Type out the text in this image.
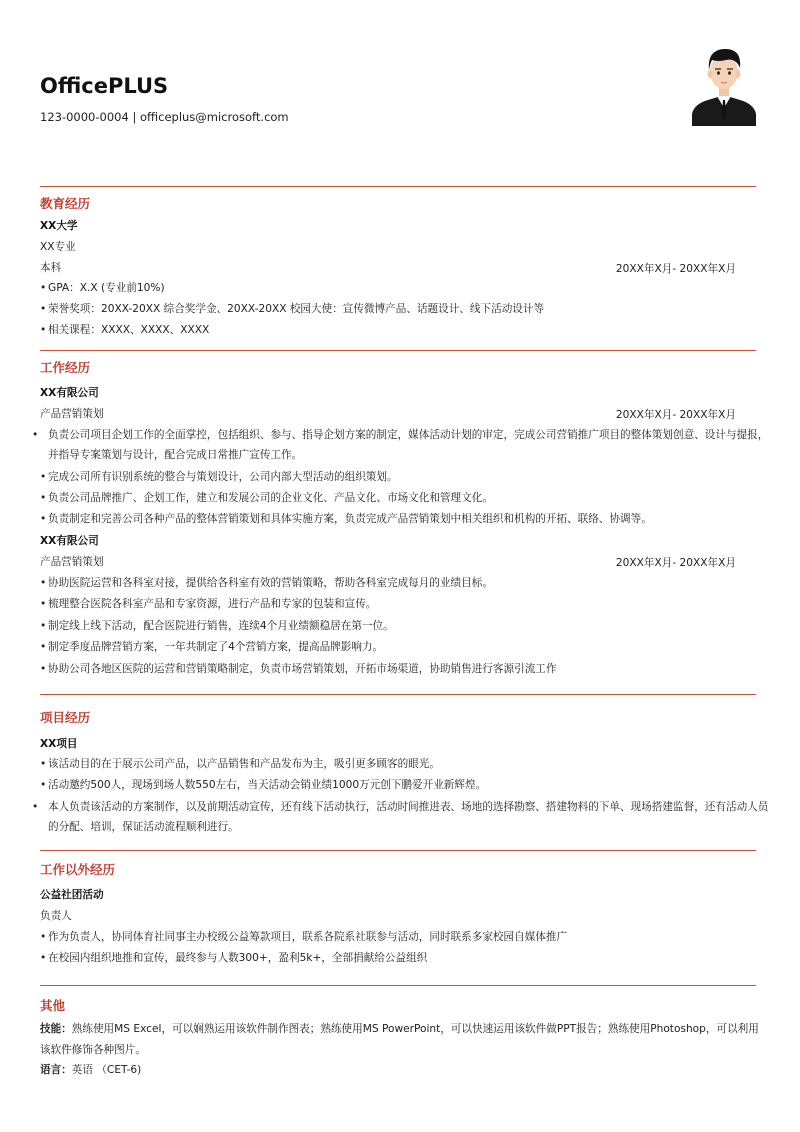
OfficePLUS
123-0000-0004 | officeplus@microsoft.com
教育经历
XX大学
XX专业
本科	20XX年X月- 20XX年X月
• GPA：X.X (专业前10%)
• 荣誉奖项：20XX-20XX 综合奖学金、20XX-20XX 校园大使：宣传微博产品、话题设计、线下活动设计等
• 相关课程：XXXX、XXXX、XXXX
工作经历
XX有限公司
产品营销策划	20XX年X月- 20XX年X月
• 负责公司项目企划工作的全面掌控，包括组织、参与、指导企划方案的制定，媒体活动计划的审定，完成公司营销推广项目的整体策划创意、设计与提报，并指导专案策划与设计，配合完成日常推广宣传工作。
• 完成公司所有识别系统的整合与策划设计，公司内部大型活动的组织策划。
• 负责公司品牌推广、企划工作，建立和发展公司的企业文化、产品文化、市场文化和管理文化。
• 负责制定和完善公司各种产品的整体营销策划和具体实施方案，负责完成产品营销策划中相关组织和机构的开拓、联络、协调等。
XX有限公司
产品营销策划	20XX年X月- 20XX年X月
• 协助医院运营和各科室对接，提供给各科室有效的营销策略，帮助各科室完成每月的业绩目标。
• 梳理整合医院各科室产品和专家资源，进行产品和专家的包装和宣传。
• 制定线上线下活动，配合医院进行销售，连续4个月业绩额稳居在第一位。
• 制定季度品牌营销方案，一年共制定了4个营销方案，提高品牌影响力。
• 协助公司各地区医院的运营和营销策略制定，负责市场营销策划，开拓市场渠道，协助销售进行客源引流工作
项目经历
XX项目
• 该活动目的在于展示公司产品，以产品销售和产品发布为主，吸引更多顾客的眼光。
• 活动邀约500人，现场到场人数550左右，当天活动会销业绩1000万元创下鹏爱开业新辉煌。
• 本人负责该活动的方案制作，以及前期活动宣传，还有线下活动执行，活动时间推进表、场地的选择勘察、搭建物料的下单、现场搭建监督，还有活动人员的分配、培训，保证活动流程顺利进行。
工作以外经历
公益社团活动
负责人
• 作为负责人，协同体育社同事主办校级公益筹款项目，联系各院系社联参与活动，同时联系多家校园自媒体推广
• 在校园内组织地推和宣传，最终参与人数300+，盈利5k+，全部捐献给公益组织
其他
技能：熟练使用MS Excel，可以娴熟运用该软件制作图表；熟练使用MS PowerPoint，可以快速运用该软件做PPT报告；熟练使用Photoshop，可以利用该软件修饰各种图片。
语言：英语 （CET-6)
